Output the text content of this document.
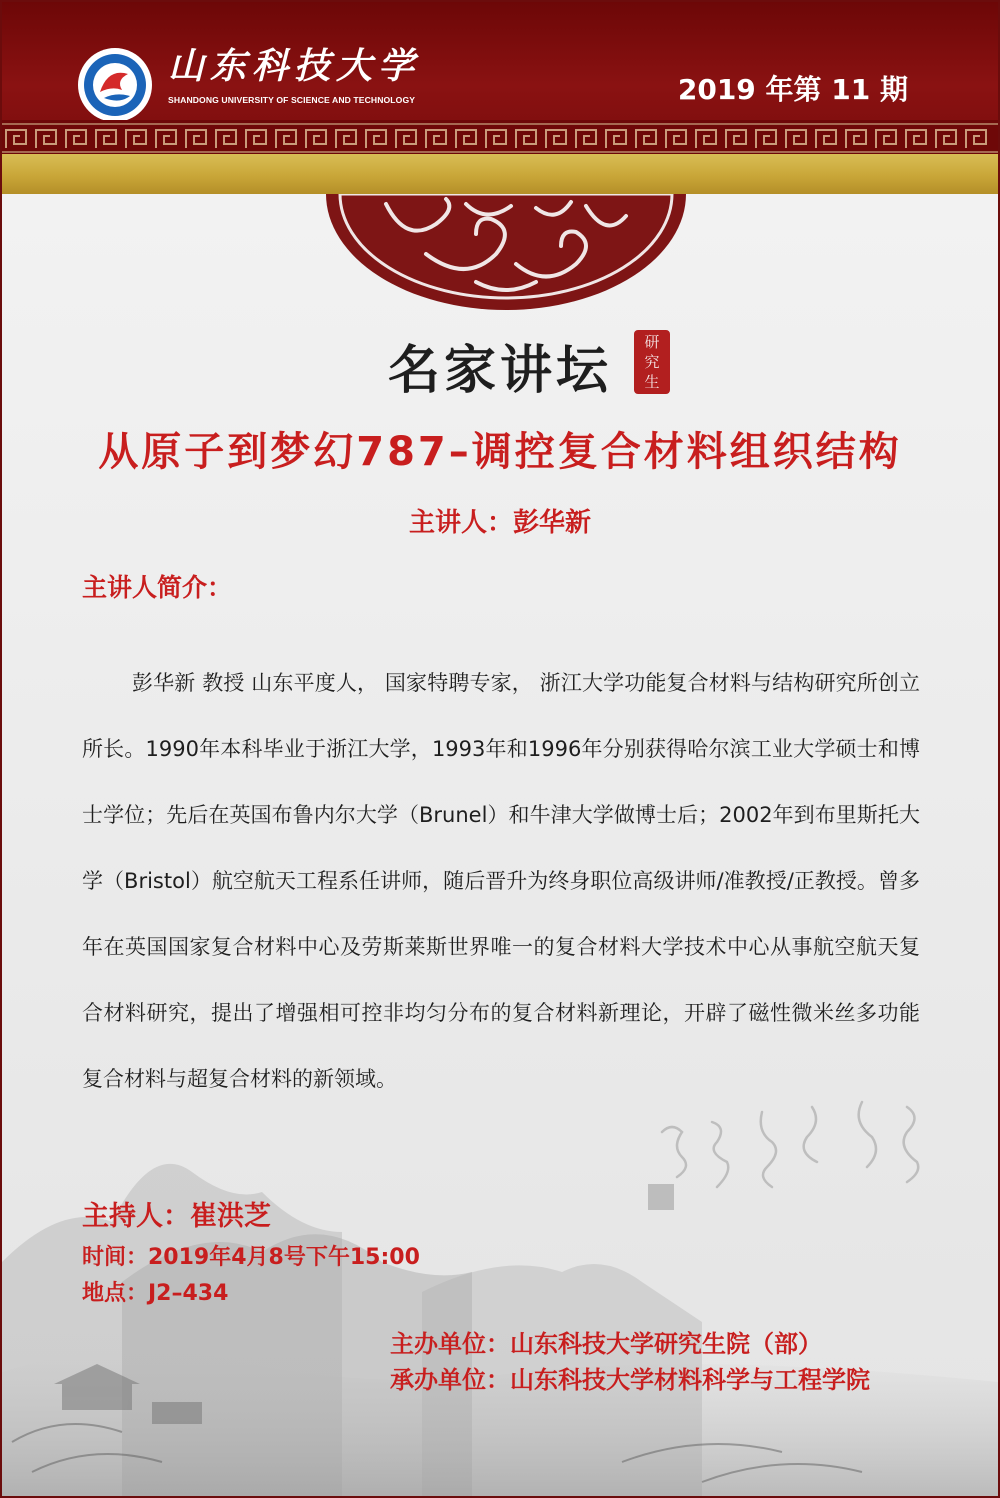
山东科技大学
SHANDONG UNIVERSITY OF SCIENCE AND TECHNOLOGY	2019 年第 11 期
名家讲坛	研究生
从原子到梦幻787–调控复合材料组织结构
主讲人：彭华新
主讲人简介：

彭华新 教授 山东平度人， 国家特聘专家， 浙江大学功能复合材料与结构研究所创立所长。1990年本科毕业于浙江大学，1993年和1996年分别获得哈尔滨工业大学硕士和博士学位；先后在英国布鲁内尔大学（Brunel）和牛津大学做博士后；2002年到布里斯托大学（Bristol）航空航天工程系任讲师，随后晋升为终身职位高级讲师/准教授/正教授。曾多年在英国国家复合材料中心及劳斯莱斯世界唯一的复合材料大学技术中心从事航空航天复合材料研究，提出了增强相可控非均匀分布的复合材料新理论，开辟了磁性微米丝多功能复合材料与超复合材料的新领域。

主持人：崔洪芝
时间：2019年4月8号下午15:00
地点：J2–434
主办单位：山东科技大学研究生院（部）
承办单位：山东科技大学材料科学与工程学院
